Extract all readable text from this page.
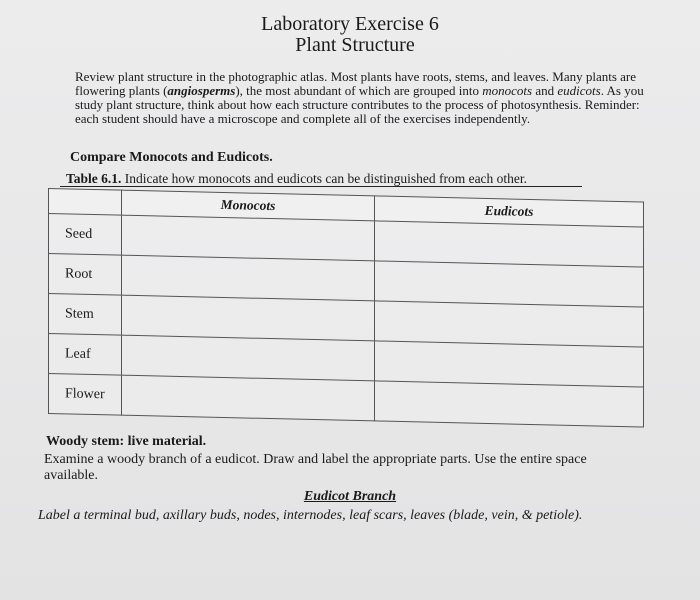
Laboratory Exercise 6
Plant Structure
Review plant structure in the photographic atlas. Most plants have roots, stems, and leaves. Many plants are flowering plants (angiosperms), the most abundant of which are grouped into monocots and eudicots. As you study plant structure, think about how each structure contributes to the process of photosynthesis. Reminder: each student should have a microscope and complete all of the exercises independently.
Compare Monocots and Eudicots.
Table 6.1. Indicate how monocots and eudicots can be distinguished from each other.
	Monocots	Eudicots
Seed		
Root		
Stem		
Leaf		
Flower		
Woody stem: live material.
Examine a woody branch of a eudicot. Draw and label the appropriate parts. Use the entire space available.
Eudicot Branch
Label a terminal bud, axillary buds, nodes, internodes, leaf scars, leaves (blade, vein, & petiole).
